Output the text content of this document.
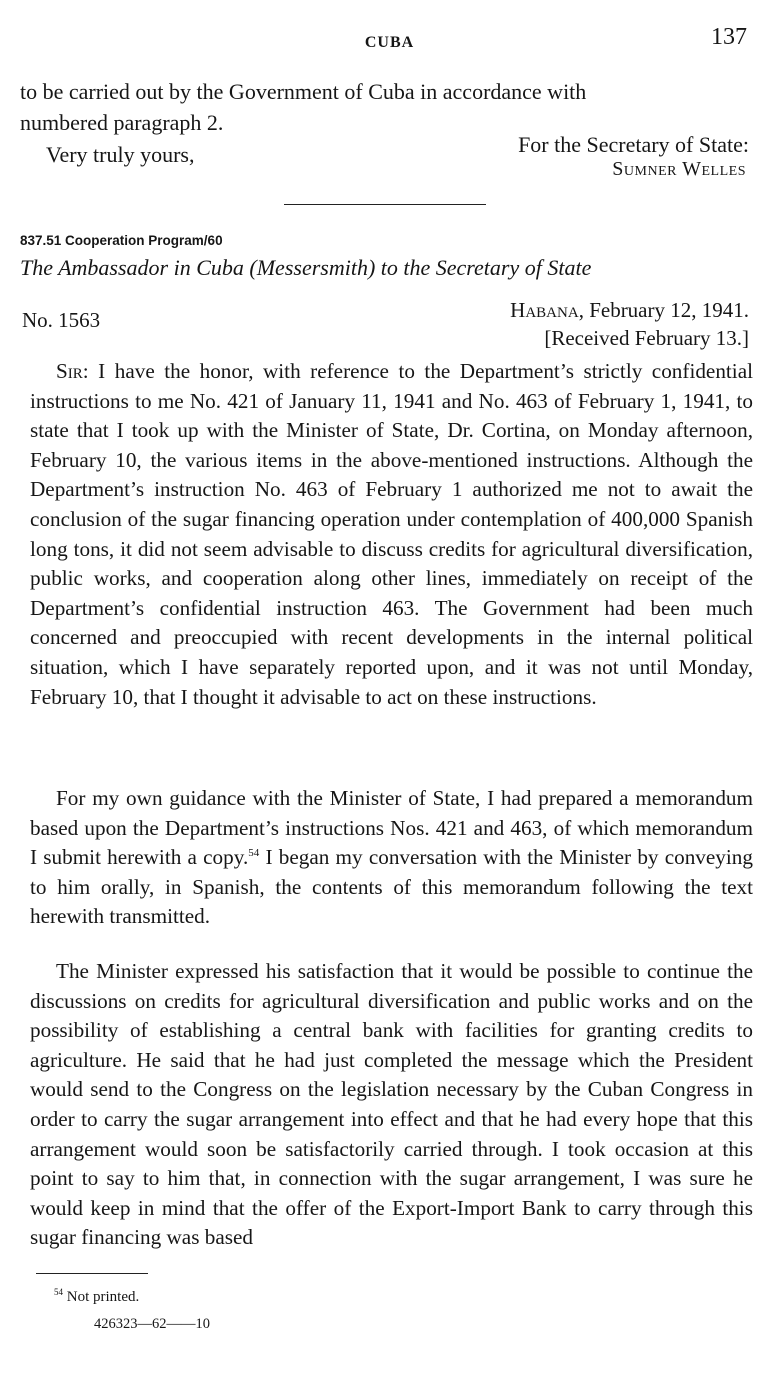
CUBA	137
to be carried out by the Government of Cuba in accordance with
numbered paragraph 2.
Very truly yours,	For the Secretary of State:
Sumner Welles
837.51 Cooperation Program/60
The Ambassador in Cuba (Messersmith) to the Secretary of State
No. 1563	Habana, February 12, 1941.
[Received February 13.]

Sir: I have the honor, with reference to the Department’s strictly confidential instructions to me No. 421 of January 11, 1941 and No. 463 of February 1, 1941, to state that I took up with the Minister of State, Dr. Cortina, on Monday afternoon, February 10, the various items in the above-mentioned instructions. Although the Department’s instruction No. 463 of February 1 authorized me not to await the conclusion of the sugar financing operation under contemplation of 400,000 Spanish long tons, it did not seem advisable to discuss credits for agricultural diversification, public works, and cooperation along other lines, immediately on receipt of the Department’s confidential instruction 463. The Government had been much concerned and preoccupied with recent developments in the internal political situation, which I have separately reported upon, and it was not until Monday, February 10, that I thought it advisable to act on these instructions.

For my own guidance with the Minister of State, I had prepared a memorandum based upon the Department’s instructions Nos. 421 and 463, of which memorandum I submit herewith a copy.$^{54}$ I began my conversation with the Minister by conveying to him orally, in Spanish, the contents of this memorandum following the text herewith transmitted.

The Minister expressed his satisfaction that it would be possible to continue the discussions on credits for agricultural diversification and public works and on the possibility of establishing a central bank with facilities for granting credits to agriculture. He said that he had just completed the message which the President would send to the Congress on the legislation necessary by the Cuban Congress in order to carry the sugar arrangement into effect and that he had every hope that this arrangement would soon be satisfactorily carried through. I took occasion at this point to say to him that, in connection with the sugar arrangement, I was sure he would keep in mind that the offer of the Export-Import Bank to carry through this sugar financing was based

$^{54}$ Not printed.
426323—62——10
